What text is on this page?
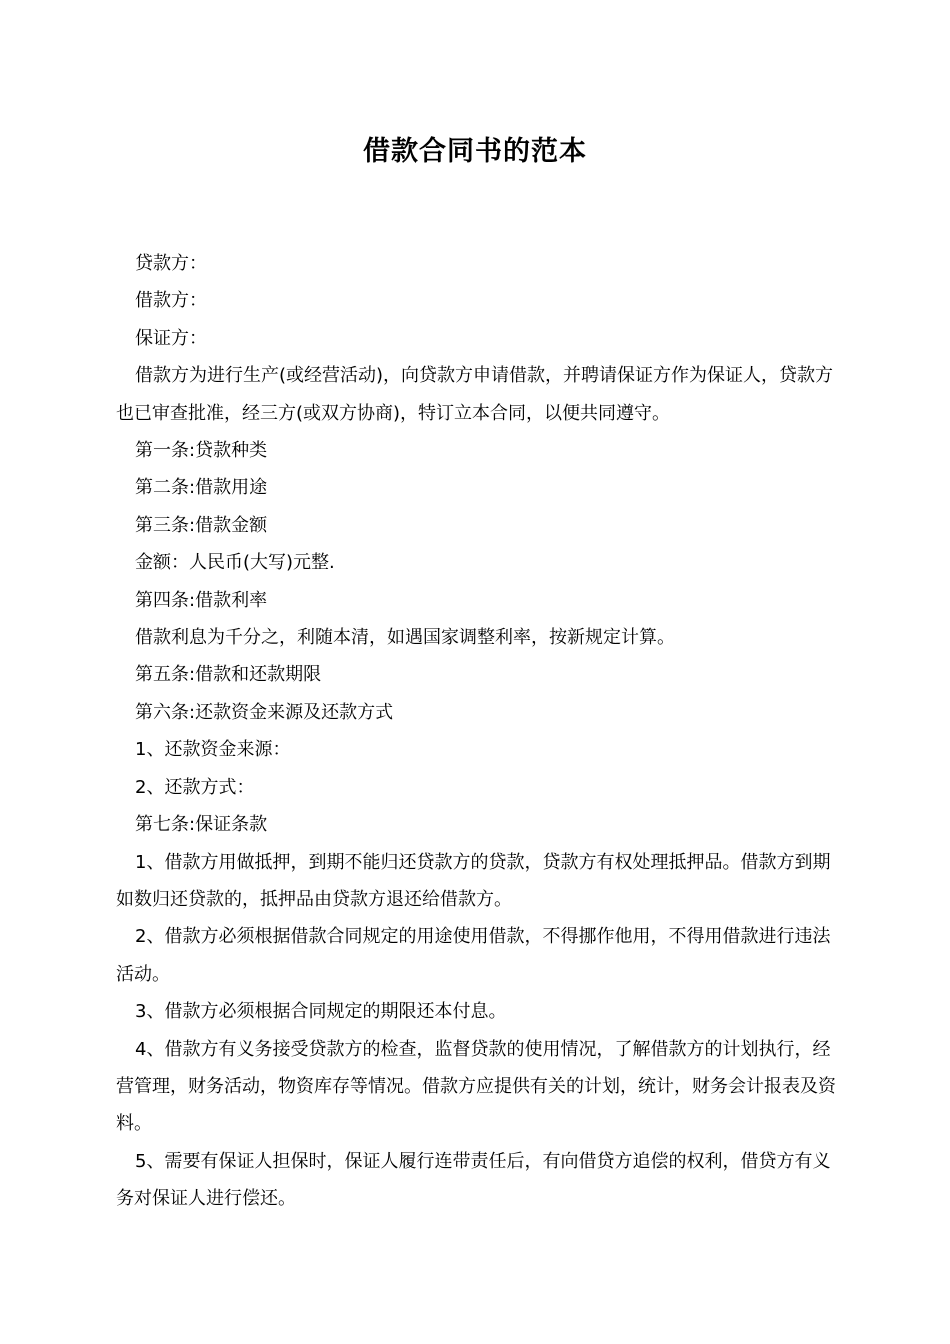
借款合同书的范本

贷款方：

借款方：

保证方：

借款方为进行生产(或经营活动)，向贷款方申请借款，并聘请保证方作为保证人，贷款方也已审查批准，经三方(或双方协商)，特订立本合同，以便共同遵守。

第一条:贷款种类

第二条:借款用途

第三条:借款金额

金额：人民币(大写)元整.

第四条:借款利率

借款利息为千分之，利随本清，如遇国家调整利率，按新规定计算。

第五条:借款和还款期限

第六条:还款资金来源及还款方式

1、还款资金来源：

2、还款方式：

第七条:保证条款

1、借款方用做抵押，到期不能归还贷款方的贷款，贷款方有权处理抵押品。借款方到期如数归还贷款的，抵押品由贷款方退还给借款方。

2、借款方必须根据借款合同规定的用途使用借款，不得挪作他用，不得用借款进行违法活动。

3、借款方必须根据合同规定的期限还本付息。

4、借款方有义务接受贷款方的检查，监督贷款的使用情况，了解借款方的计划执行，经营管理，财务活动，物资库存等情况。借款方应提供有关的计划，统计，财务会计报表及资料。

5、需要有保证人担保时，保证人履行连带责任后，有向借贷方追偿的权利，借贷方有义务对保证人进行偿还。
